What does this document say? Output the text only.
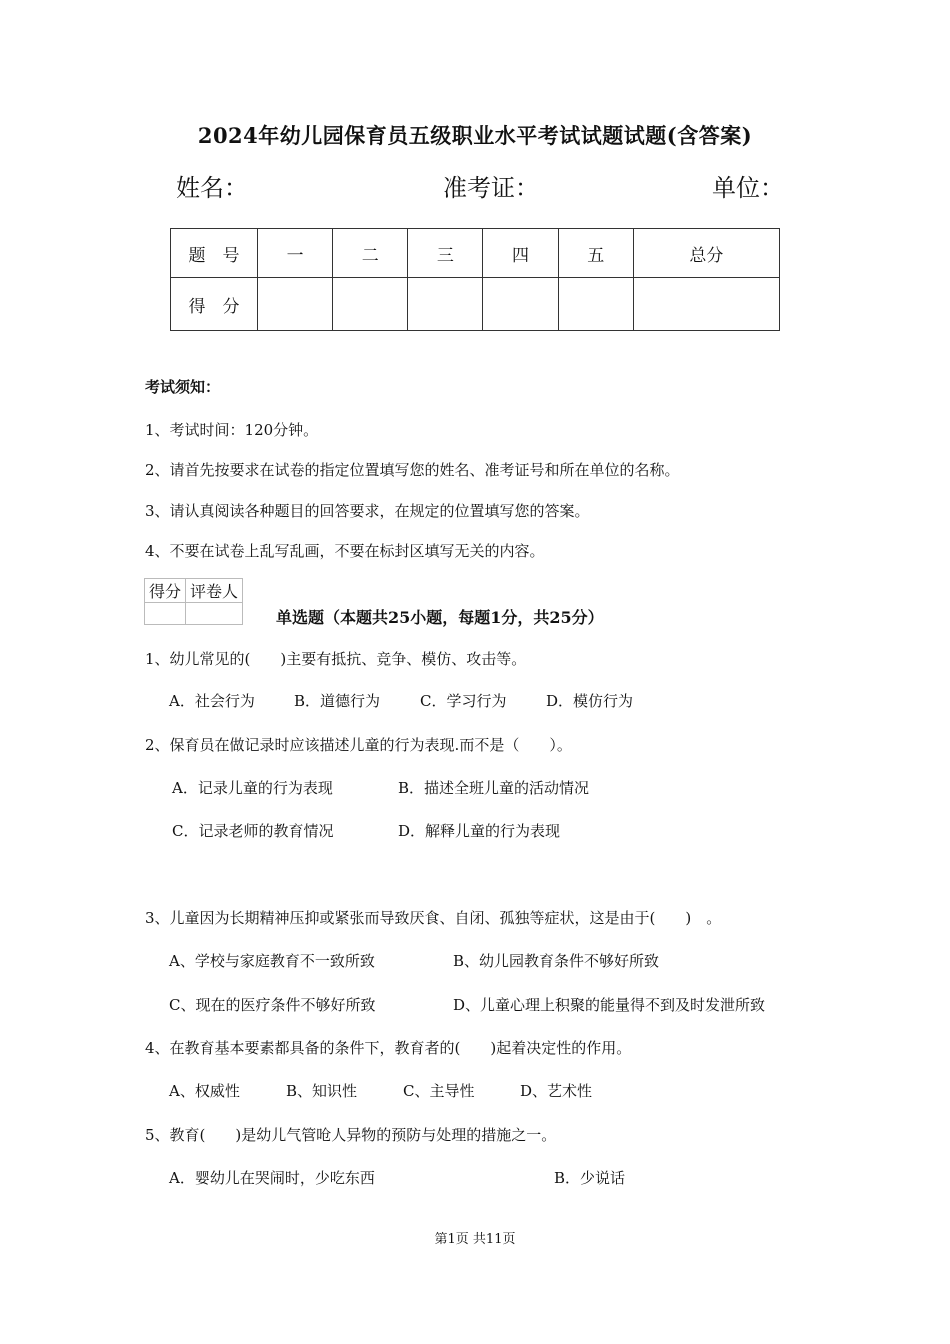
2024年幼儿园保育员五级职业水平考试试题试题(含答案)
姓名：	准考证：	单位：
题　号	一	二	三	四	五	总分
得　分						
考试须知：
1、考试时间：120分钟。
2、请首先按要求在试卷的指定位置填写您的姓名、准考证号和所在单位的名称。
3、请认真阅读各种题目的回答要求，在规定的位置填写您的答案。
4、不要在试卷上乱写乱画，不要在标封区填写无关的内容。
得分	评卷人

单选题（本题共25小题，每题1分，共25分）
1、幼儿常见的(　　)主要有抵抗、竞争、模仿、攻击等。
A．社会行为	B．道德行为	C．学习行为	D．模仿行为
2、保育员在做记录时应该描述儿童的行为表现.而不是（　　）。
A．记录儿童的行为表现	B．描述全班儿童的活动情况
C．记录老师的教育情况	D．解释儿童的行为表现
3、儿童因为长期精神压抑或紧张而导致厌食、自闭、孤独等症状，这是由于(　　)　。
A、学校与家庭教育不一致所致	B、幼儿园教育条件不够好所致
C、现在的医疗条件不够好所致	D、儿童心理上积聚的能量得不到及时发泄所致
4、在教育基本要素都具备的条件下，教育者的(　　)起着决定性的作用。
A、权威性	B、知识性	C、主导性	D、艺术性
5、教育(　　)是幼儿气管呛人异物的预防与处理的措施之一。
A．婴幼儿在哭闹时，少吃东西	B．少说话
第1页 共11页
